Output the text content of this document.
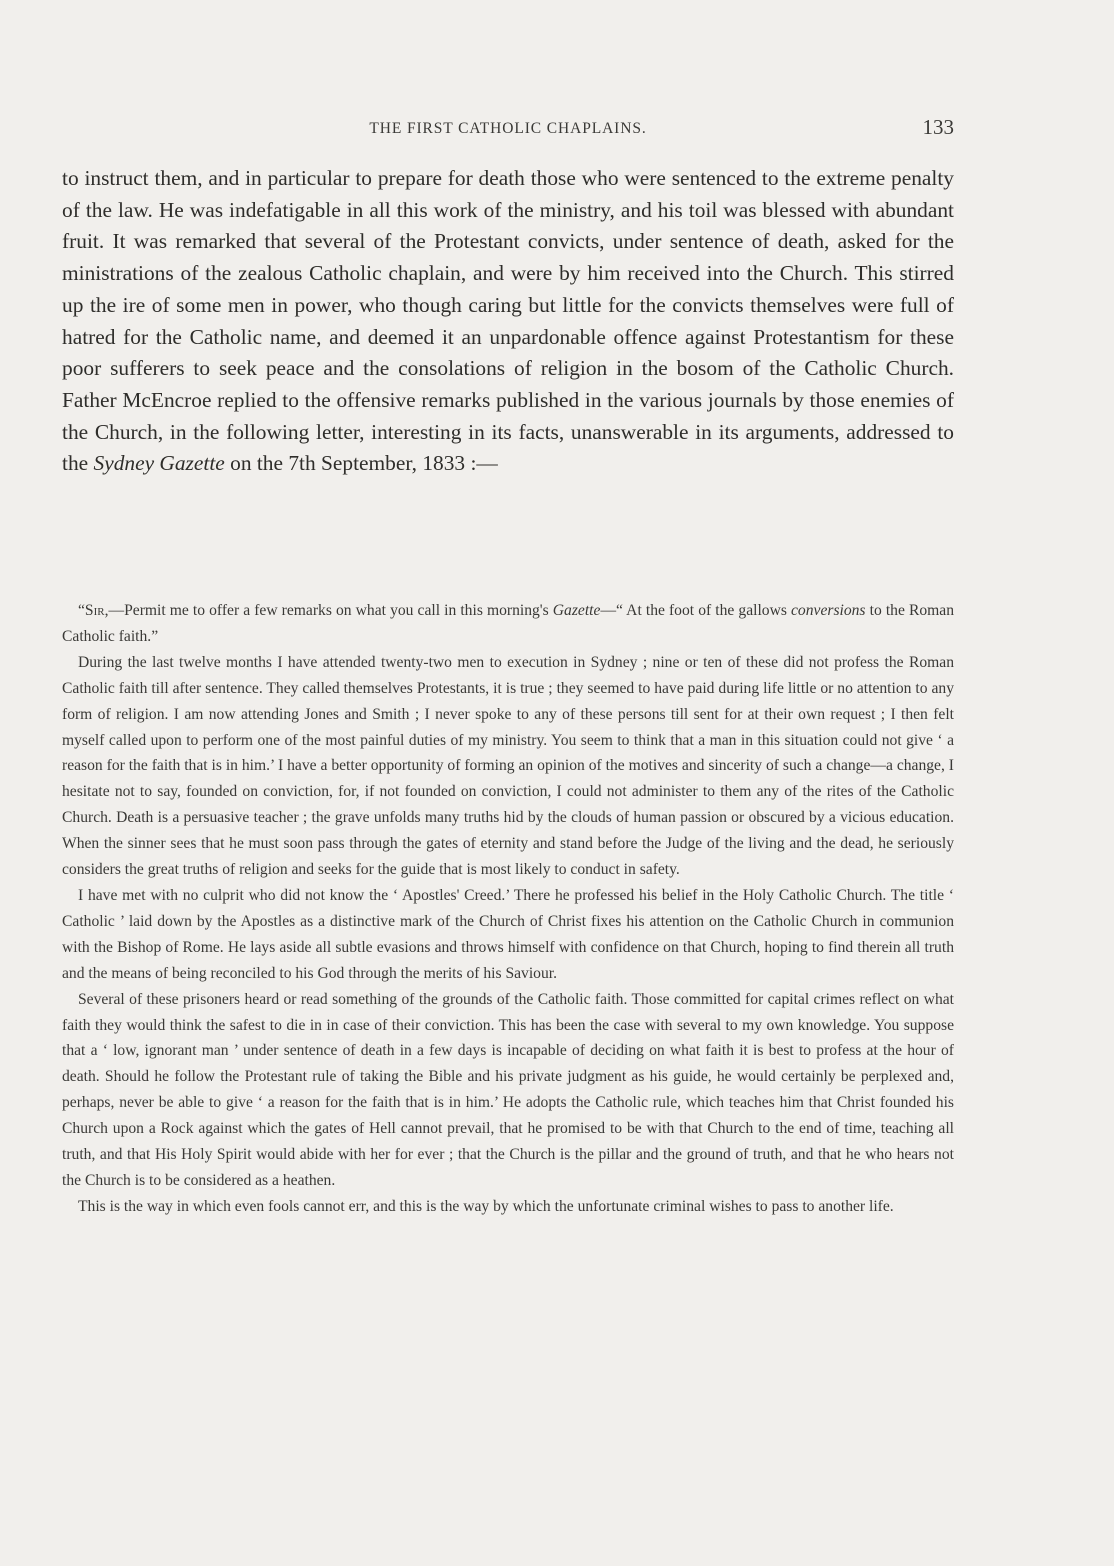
THE FIRST CATHOLIC CHAPLAINS.	133

to instruct them, and in particular to prepare for death those who were sentenced to the extreme penalty of the law. He was indefatigable in all this work of the ministry, and his toil was blessed with abundant fruit. It was remarked that several of the Protestant convicts, under sentence of death, asked for the ministrations of the zealous Catholic chaplain, and were by him received into the Church. This stirred up the ire of some men in power, who though caring but little for the convicts themselves were full of hatred for the Catholic name, and deemed it an unpardonable offence against Protestantism for these poor sufferers to seek peace and the consolations of religion in the bosom of the Catholic Church. Father McEncroe replied to the offensive remarks published in the various journals by those enemies of the Church, in the following letter, interesting in its facts, unanswerable in its arguments, addressed to the Sydney Gazette on the 7th September, 1833 :—

“Sir,—Permit me to offer a few remarks on what you call in this morning's Gazette—“ At the foot of the gallows conversions to the Roman Catholic faith.”

During the last twelve months I have attended twenty-two men to execution in Sydney ; nine or ten of these did not profess the Roman Catholic faith till after sentence. They called themselves Protestants, it is true ; they seemed to have paid during life little or no attention to any form of religion. I am now attending Jones and Smith ; I never spoke to any of these persons till sent for at their own request ; I then felt myself called upon to perform one of the most painful duties of my ministry. You seem to think that a man in this situation could not give ‘ a reason for the faith that is in him.’ I have a better opportunity of forming an opinion of the motives and sincerity of such a change—a change, I hesitate not to say, founded on conviction, for, if not founded on conviction, I could not administer to them any of the rites of the Catholic Church. Death is a persuasive teacher ; the grave unfolds many truths hid by the clouds of human passion or obscured by a vicious education. When the sinner sees that he must soon pass through the gates of eternity and stand before the Judge of the living and the dead, he seriously considers the great truths of religion and seeks for the guide that is most likely to conduct in safety.

I have met with no culprit who did not know the ‘ Apostles' Creed.’ There he professed his belief in the Holy Catholic Church. The title ‘ Catholic ’ laid down by the Apostles as a distinctive mark of the Church of Christ fixes his attention on the Catholic Church in communion with the Bishop of Rome. He lays aside all subtle evasions and throws himself with confidence on that Church, hoping to find therein all truth and the means of being reconciled to his God through the merits of his Saviour.

Several of these prisoners heard or read something of the grounds of the Catholic faith. Those committed for capital crimes reflect on what faith they would think the safest to die in in case of their conviction. This has been the case with several to my own knowledge. You suppose that a ‘ low, ignorant man ’ under sentence of death in a few days is incapable of deciding on what faith it is best to profess at the hour of death. Should he follow the Protestant rule of taking the Bible and his private judgment as his guide, he would certainly be perplexed and, perhaps, never be able to give ‘ a reason for the faith that is in him.’ He adopts the Catholic rule, which teaches him that Christ founded his Church upon a Rock against which the gates of Hell cannot prevail, that he promised to be with that Church to the end of time, teaching all truth, and that His Holy Spirit would abide with her for ever ; that the Church is the pillar and the ground of truth, and that he who hears not the Church is to be considered as a heathen.

This is the way in which even fools cannot err, and this is the way by which the unfortunate criminal wishes to pass to another life.
